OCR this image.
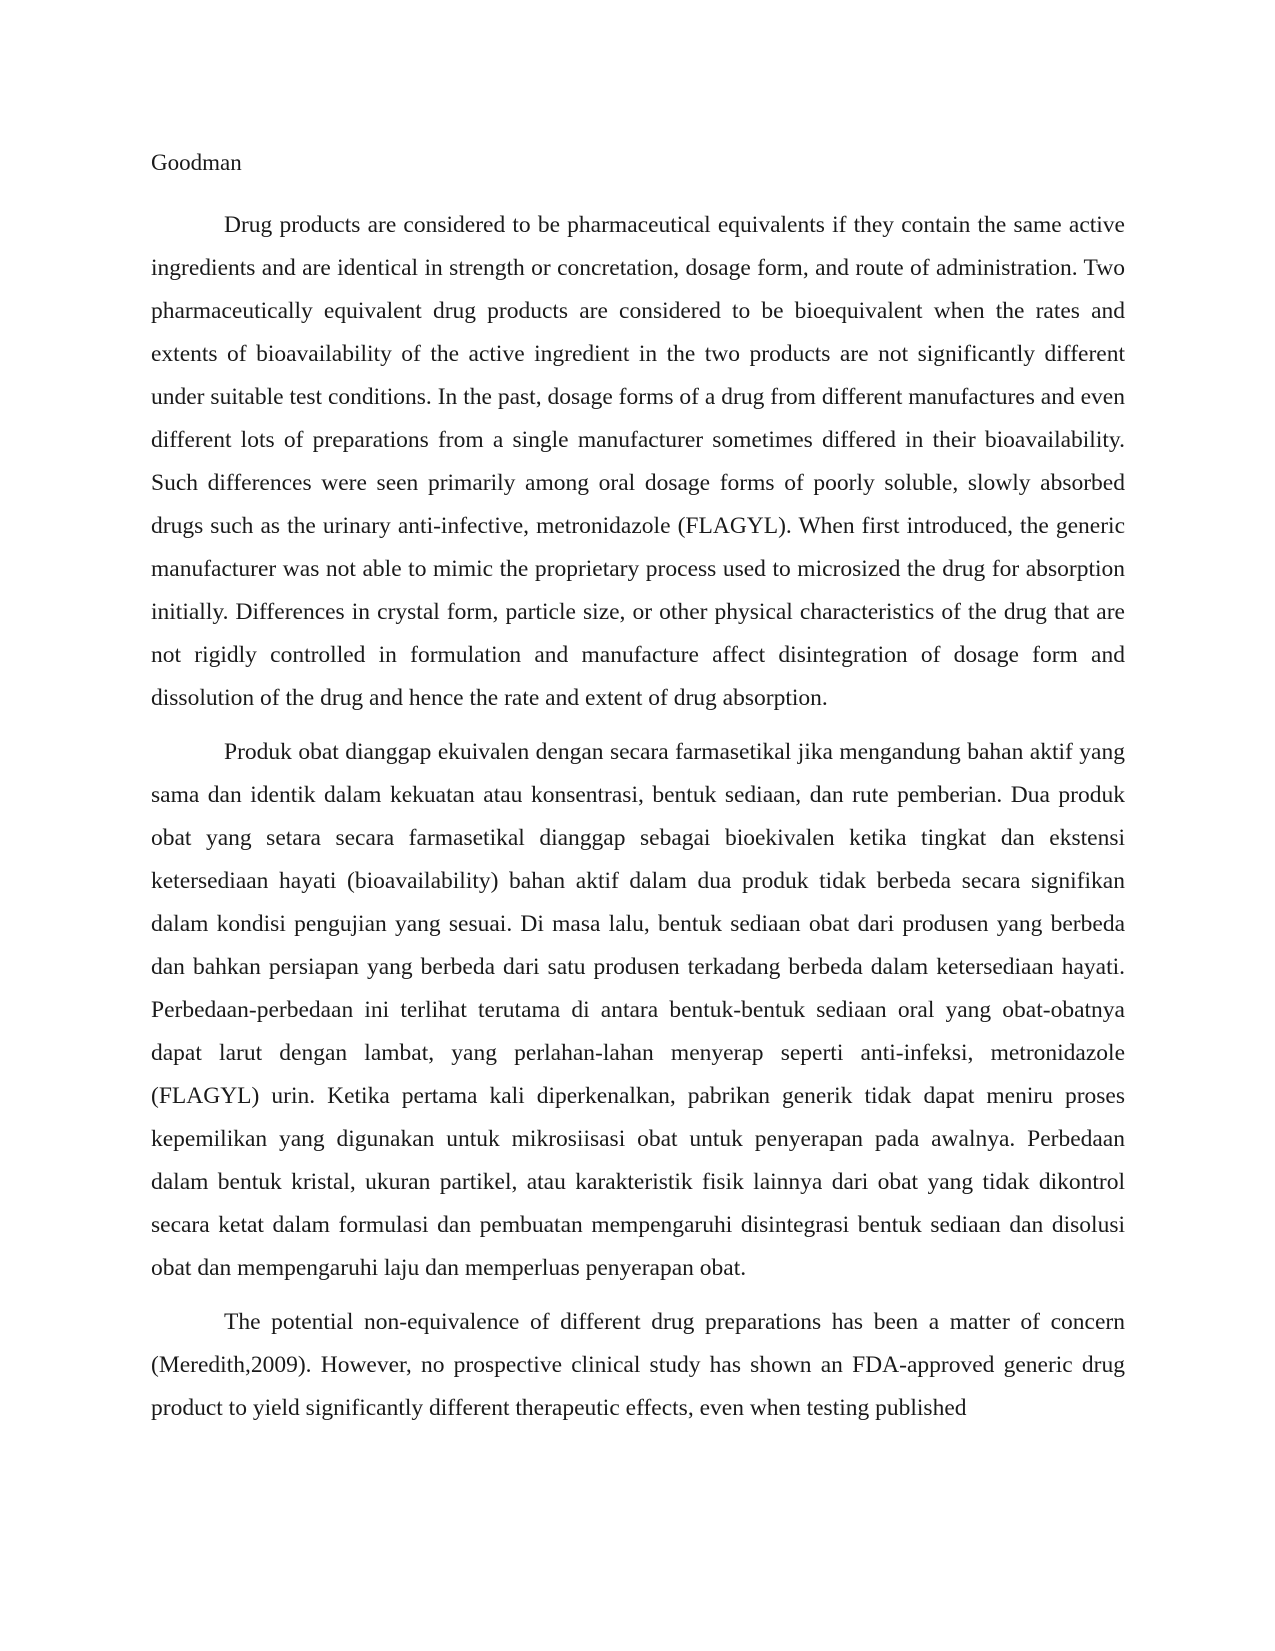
Goodman

Drug products are considered to be pharmaceutical equivalents if they contain the same active ingredients and are identical in strength or concretation, dosage form, and route of administration. Two pharmaceutically equivalent drug products are considered to be bioequivalent when the rates and extents of bioavailability of the active ingredient in the two products are not significantly different under suitable test conditions. In the past, dosage forms of a drug from different manufactures and even different lots of preparations from a single manufacturer sometimes differed in their bioavailability. Such differences were seen primarily among oral dosage forms of poorly soluble, slowly absorbed drugs such as the urinary anti-infective, metronidazole (FLAGYL). When first introduced, the generic manufacturer was not able to mimic the proprietary process used to microsized the drug for absorption initially. Differences in crystal form, particle size, or other physical characteristics of the drug that are not rigidly controlled in formulation and manufacture affect disintegration of dosage form and dissolution of the drug and hence the rate and extent of drug absorption.

Produk obat dianggap ekuivalen dengan secara farmasetikal jika mengandung bahan aktif yang sama dan identik dalam kekuatan atau konsentrasi, bentuk sediaan, dan rute pemberian. Dua produk obat yang setara secara farmasetikal dianggap sebagai bioekivalen ketika tingkat dan ekstensi ketersediaan hayati (bioavailability) bahan aktif dalam dua produk tidak berbeda secara signifikan dalam kondisi pengujian yang sesuai. Di masa lalu, bentuk sediaan obat dari produsen yang berbeda dan bahkan persiapan yang berbeda dari satu produsen terkadang berbeda dalam ketersediaan hayati. Perbedaan-perbedaan ini terlihat terutama di antara bentuk-bentuk sediaan oral yang obat-obatnya dapat larut dengan lambat, yang perlahan-lahan menyerap seperti anti-infeksi, metronidazole (FLAGYL) urin. Ketika pertama kali diperkenalkan, pabrikan generik tidak dapat meniru proses kepemilikan yang digunakan untuk mikrosiisasi obat untuk penyerapan pada awalnya. Perbedaan dalam bentuk kristal, ukuran partikel, atau karakteristik fisik lainnya dari obat yang tidak dikontrol secara ketat dalam formulasi dan pembuatan mempengaruhi disintegrasi bentuk sediaan dan disolusi obat dan mempengaruhi laju dan memperluas penyerapan obat.

The potential non-equivalence of different drug preparations has been a matter of concern (Meredith,2009). However, no prospective clinical study has shown an FDA-approved generic drug product to yield significantly different therapeutic effects, even when testing published
